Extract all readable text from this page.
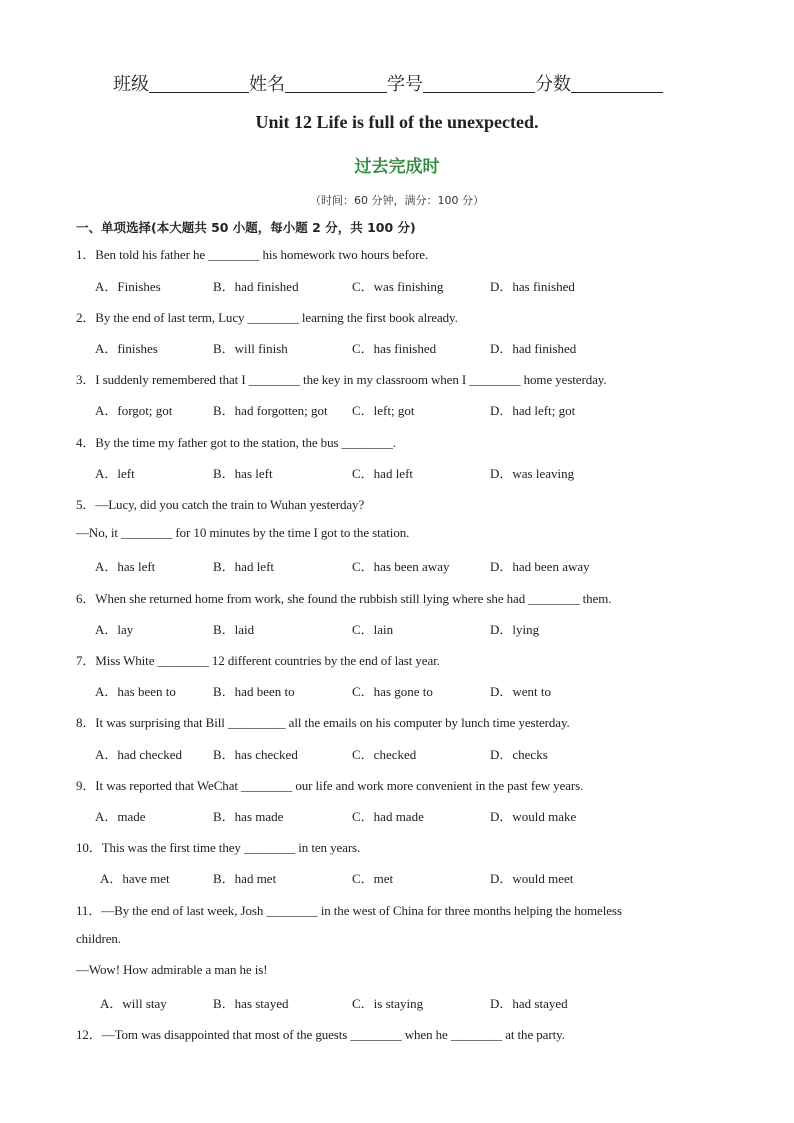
班级	姓名	学号	分数
Unit 12 Life is full of the unexpected.
过去完成时
（时间：60 分钟，满分：100 分）
一、单项选择(本大题共 50 小题，每小题 2 分，共 100 分)
1．Ben told his father he ________ his homework two hours before.
A．Finishes	B．had finished	C．was finishing	D．has finished
2．By the end of last term, Lucy ________ learning the first book already.
A．finishes	B．will finish	C．has finished	D．had finished
3．I suddenly remembered that I ________ the key in my classroom when I ________ home yesterday.
A．forgot; got	B．had forgotten; got C．left; got	D．had left; got
4．By the time my father got to the station, the bus ________.
A．left	B．has left	C．had left	D．was leaving
5．—Lucy, did you catch the train to Wuhan yesterday?
—No, it ________ for 10 minutes by the time I got to the station.
A．has left	B．had left	C．has been away	D．had been away
6．When she returned home from work, she found the rubbish still lying where she had ________ them.
A．lay	B．laid	C．lain	D．lying
7．Miss White ________ 12 different countries by the end of last year.
A．has been to	B．had been to	C．has gone to	D．went to
8．It was surprising that Bill _________ all the emails on his computer by lunch time yesterday.
A．had checked B．has checked	C．checked	D．checks
9．It was reported that WeChat ________ our life and work more convenient in the past few years.
A．made	B．has made	C．had made	D．would make
10．This was the first time they ________ in ten years.
A．have met	B．had met	C．met	D．would meet
11．—By the end of last week, Josh ________ in the west of China for three months helping the homeless
children.
—Wow! How admirable a man he is!
A．will stay	B．has stayed	C．is staying	D．had stayed
12．—Tom was disappointed that most of the guests ________ when he ________ at the party.
